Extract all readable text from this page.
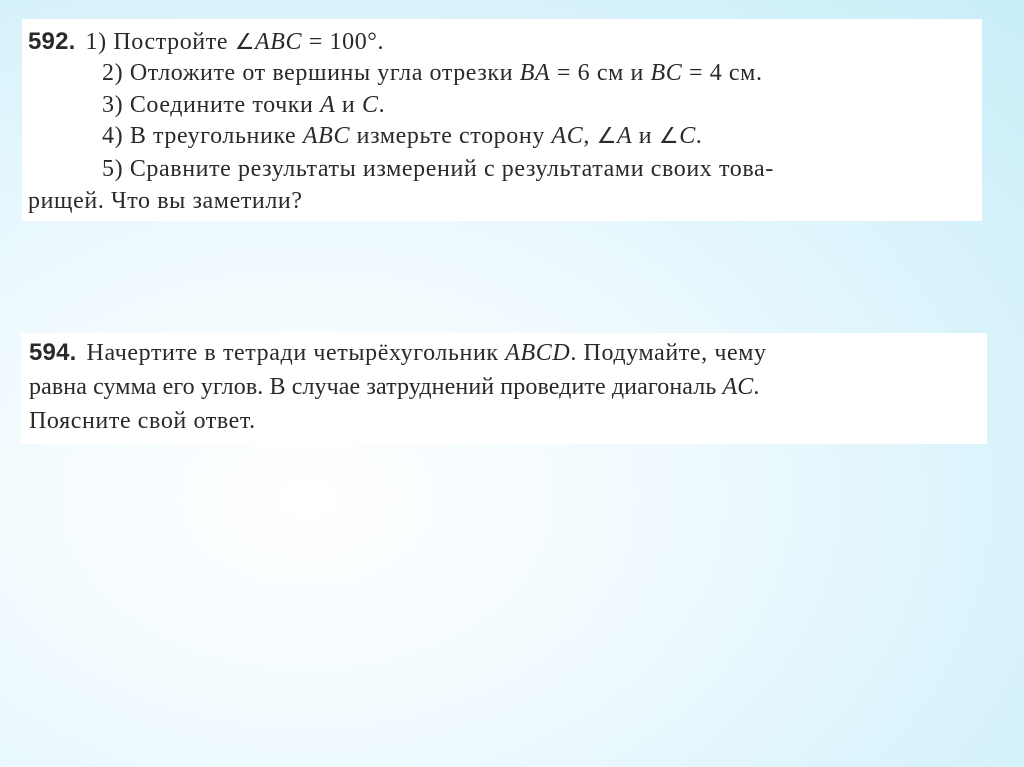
592. 1) Постройте ∠ABC = 100°.
2) Отложите от вершины угла отрезки BA = 6 см и BC = 4 см.
3) Соедините точки A и C.
4) В треугольнике ABC измерьте сторону AC, ∠A и ∠C.
5) Сравните результаты измерений с результатами своих това-
рищей. Что вы заметили?
594. Начертите в тетради четырёхугольник ABCD. Подумайте, чему
равна сумма его углов. В случае затруднений проведите диагональ AC.
Поясните свой ответ.
